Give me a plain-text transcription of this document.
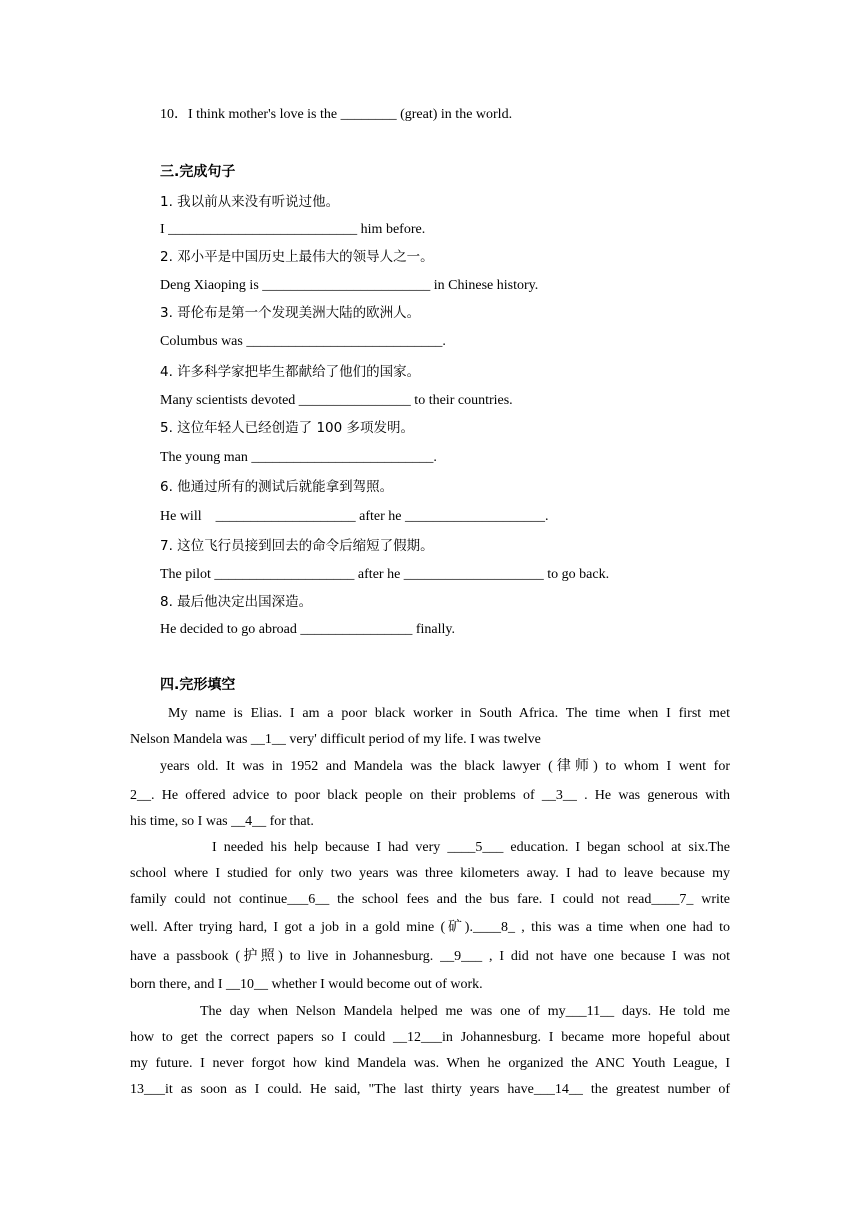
10．I think mother's love is the ________ (great) in the world.
三.完成句子
1. 我以前从来没有听说过他。
I ___________________________ him before.
2. 邓小平是中国历史上最伟大的领导人之一。
Deng Xiaoping is ________________________ in Chinese history.
3. 哥伦布是第一个发现美洲大陆的欧洲人。
Columbus was ____________________________.
4. 许多科学家把毕生都献给了他们的国家。
Many scientists devoted ________________ to their countries.
5. 这位年轻人已经创造了 100 多项发明。
The young man __________________________.
6. 他通过所有的测试后就能拿到驾照。
He will    ____________________ after he ____________________.
7. 这位飞行员接到回去的命令后缩短了假期。
The pilot ____________________ after he ____________________ to go back.
8. 最后他决定出国深造。
He decided to go abroad ________________ finally.
四.完形填空
My name is Elias. I am a poor black worker in South Africa. The time when I first met
Nelson Mandela was __1__ very' difficult period of my life. I was twelve
years old. It was in 1952 and Mandela was the black lawyer (律师) to whom I went for
2__. He offered advice to poor black people on their problems of __3__ . He was generous with
his time, so I was __4__ for that.
I needed his help because I had very ____5___ education. I began school at six.The
school where I studied for only two years was three kilometers away. I had to leave because my
family could not continue___6__ the school fees and the bus fare. I could not read____7_ write
well. After trying hard, I got a job in a gold mine (矿).____8_ , this was a time when one had to
have a passbook (护照) to live in Johannesburg. __9___ , I did not have one because I was not
born there, and I __10__ whether I would become out of work.
The day when Nelson Mandela helped me was one of my___11__ days. He told me
how to get the correct papers so I could __12___in Johannesburg. I became more hopeful about
my future. I never forgot how kind Mandela was. When he organized the ANC Youth League, I
13___it as soon as I could. He said, "The last thirty years have___14__ the greatest number of
